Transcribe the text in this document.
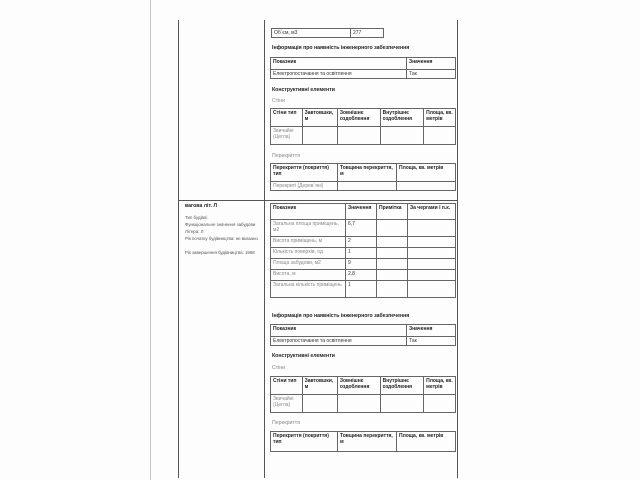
Об`єм, м3	277	
Інформація про наявність інженерного забезпечення
Показник	Значення
Електропостачання та освітлення	Так
Конструктивні елементи
Стіни
Стіни тип	Завтовшки, м	Зовнішнє оздоблення	Внутрішнє оздоблення	Площа, кв. метрів
Звичайні (Цегла)				
Перекриття
Перекриття (покриття) тип	Товщина перекриття, м	Площа, кв. метрів
Перекриті (Дерев`яні)		
вагова літ. Л
Тип будівлі
Функціональне значення забудови
Літера: Л
Рік початку будівництва: не вказано
Рік завершення будівництва: 1968
Показник	Значення	Примітка	За чергами і п.к.
Загальна площа приміщень, м2	6,7		
Висота приміщень, м	2		
Кількість поверхів, од	1		
Площа забудови, м2	9		
Висота, м	2,8		
Загальна кількість приміщень	1		
Інформація про наявність інженерного забезпечення
Показник	Значення
Електропостачання та освітлення	Так
Конструктивні елементи
Стіни
Стіни тип	Завтовшки, м	Зовнішнє оздоблення	Внутрішнє оздоблення	Площа, кв. метрів
Звичайні (Цегла)				
Перекриття
Перекриття (покриття) тип	Товщина перекриття, м	Площа, кв. метрів
